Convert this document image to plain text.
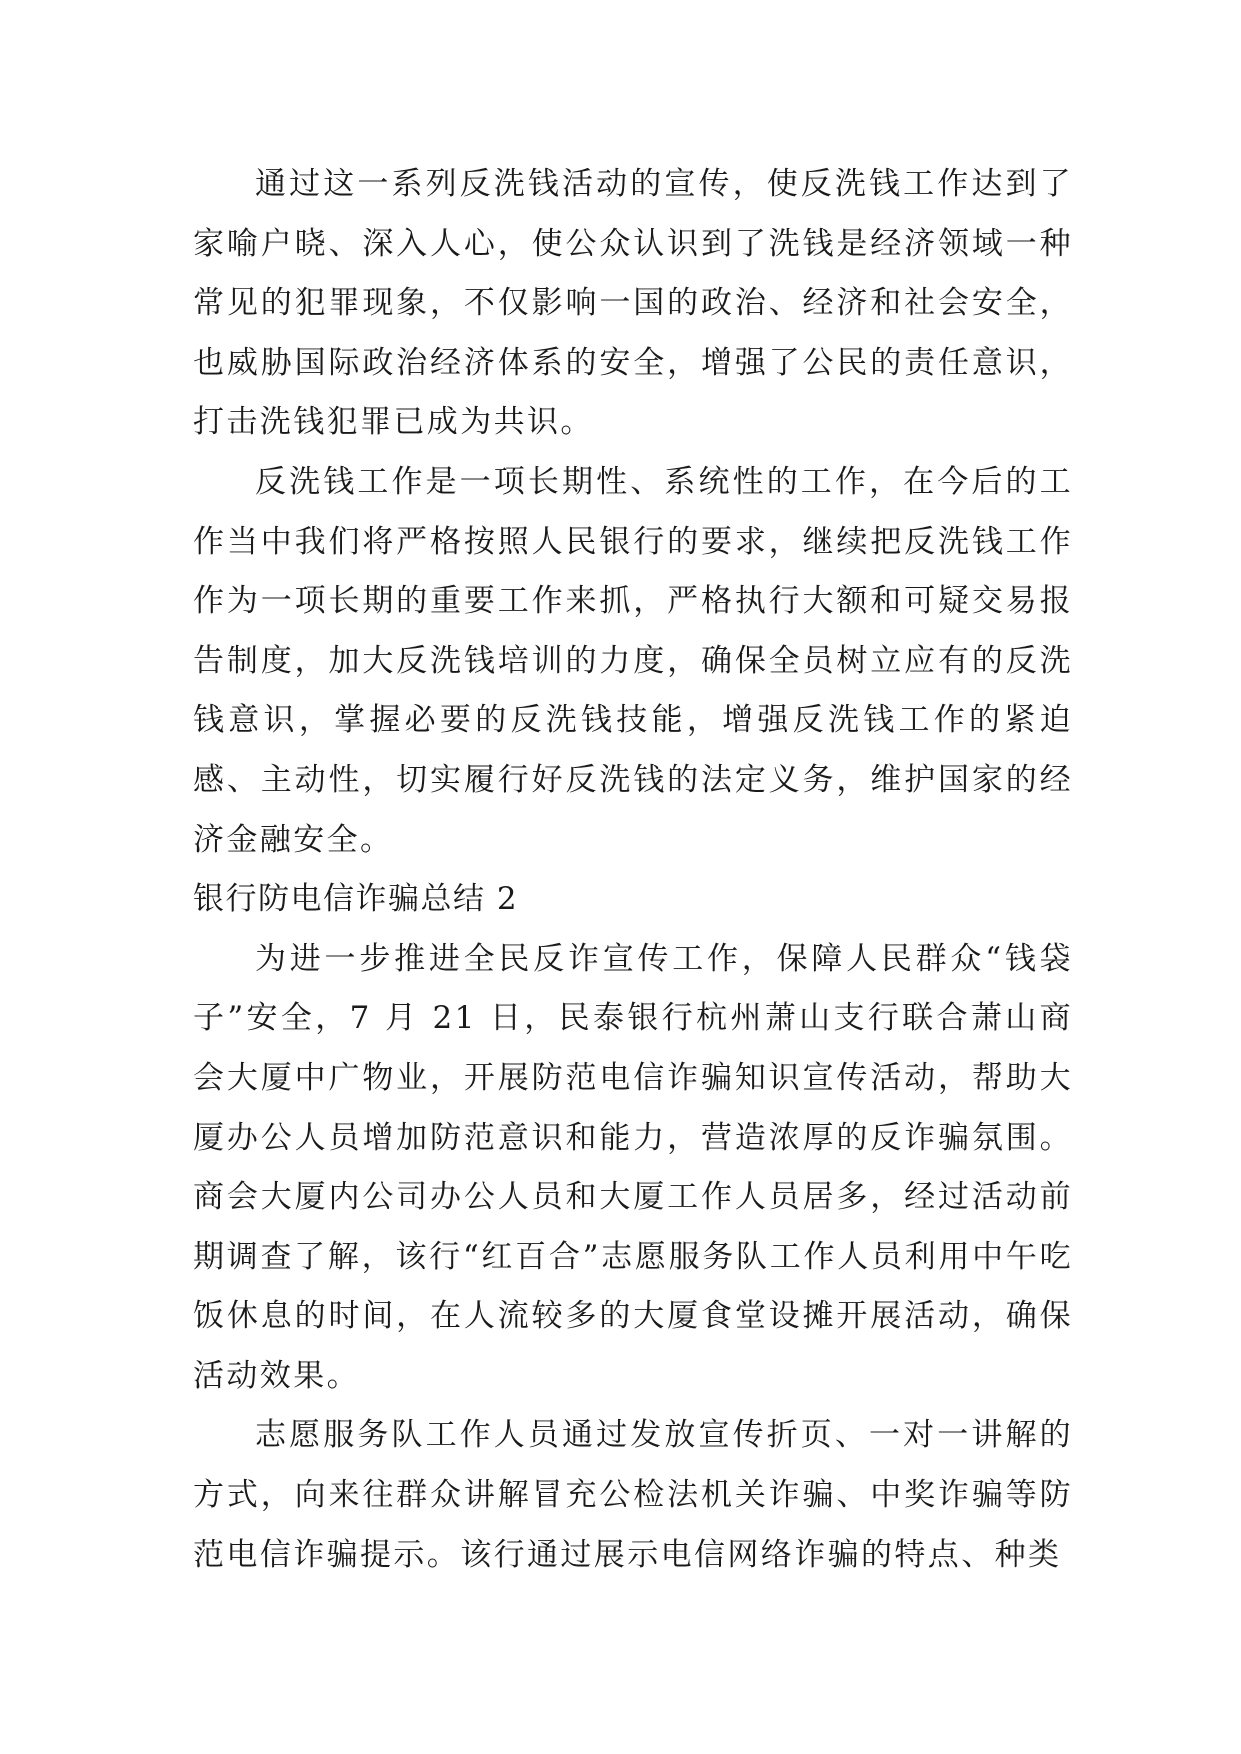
通过这一系列反洗钱活动的宣传，使反洗钱工作达到了家喻户晓、深入人心，使公众认识到了洗钱是经济领域一种常见的犯罪现象，不仅影响一国的政治、经济和社会安全，也威胁国际政治经济体系的安全，增强了公民的责任意识，打击洗钱犯罪已成为共识。

反洗钱工作是一项长期性、系统性的工作，在今后的工作当中我们将严格按照人民银行的要求，继续把反洗钱工作作为一项长期的重要工作来抓，严格执行大额和可疑交易报告制度，加大反洗钱培训的力度，确保全员树立应有的反洗钱意识，掌握必要的反洗钱技能，增强反洗钱工作的紧迫感、主动性，切实履行好反洗钱的法定义务，维护国家的经济金融安全。

银行防电信诈骗总结 2

为进一步推进全民反诈宣传工作，保障人民群众“钱袋子”安全，7 月 21 日，民泰银行杭州萧山支行联合萧山商会大厦中广物业，开展防范电信诈骗知识宣传活动，帮助大厦办公人员增加防范意识和能力，营造浓厚的反诈骗氛围。商会大厦内公司办公人员和大厦工作人员居多，经过活动前期调查了解，该行“红百合”志愿服务队工作人员利用中午吃饭休息的时间，在人流较多的大厦食堂设摊开展活动，确保活动效果。

志愿服务队工作人员通过发放宣传折页、一对一讲解的方式，向来往群众讲解冒充公检法机关诈骗、中奖诈骗等防范电信诈骗提示。该行通过展示电信网络诈骗的特点、种类
